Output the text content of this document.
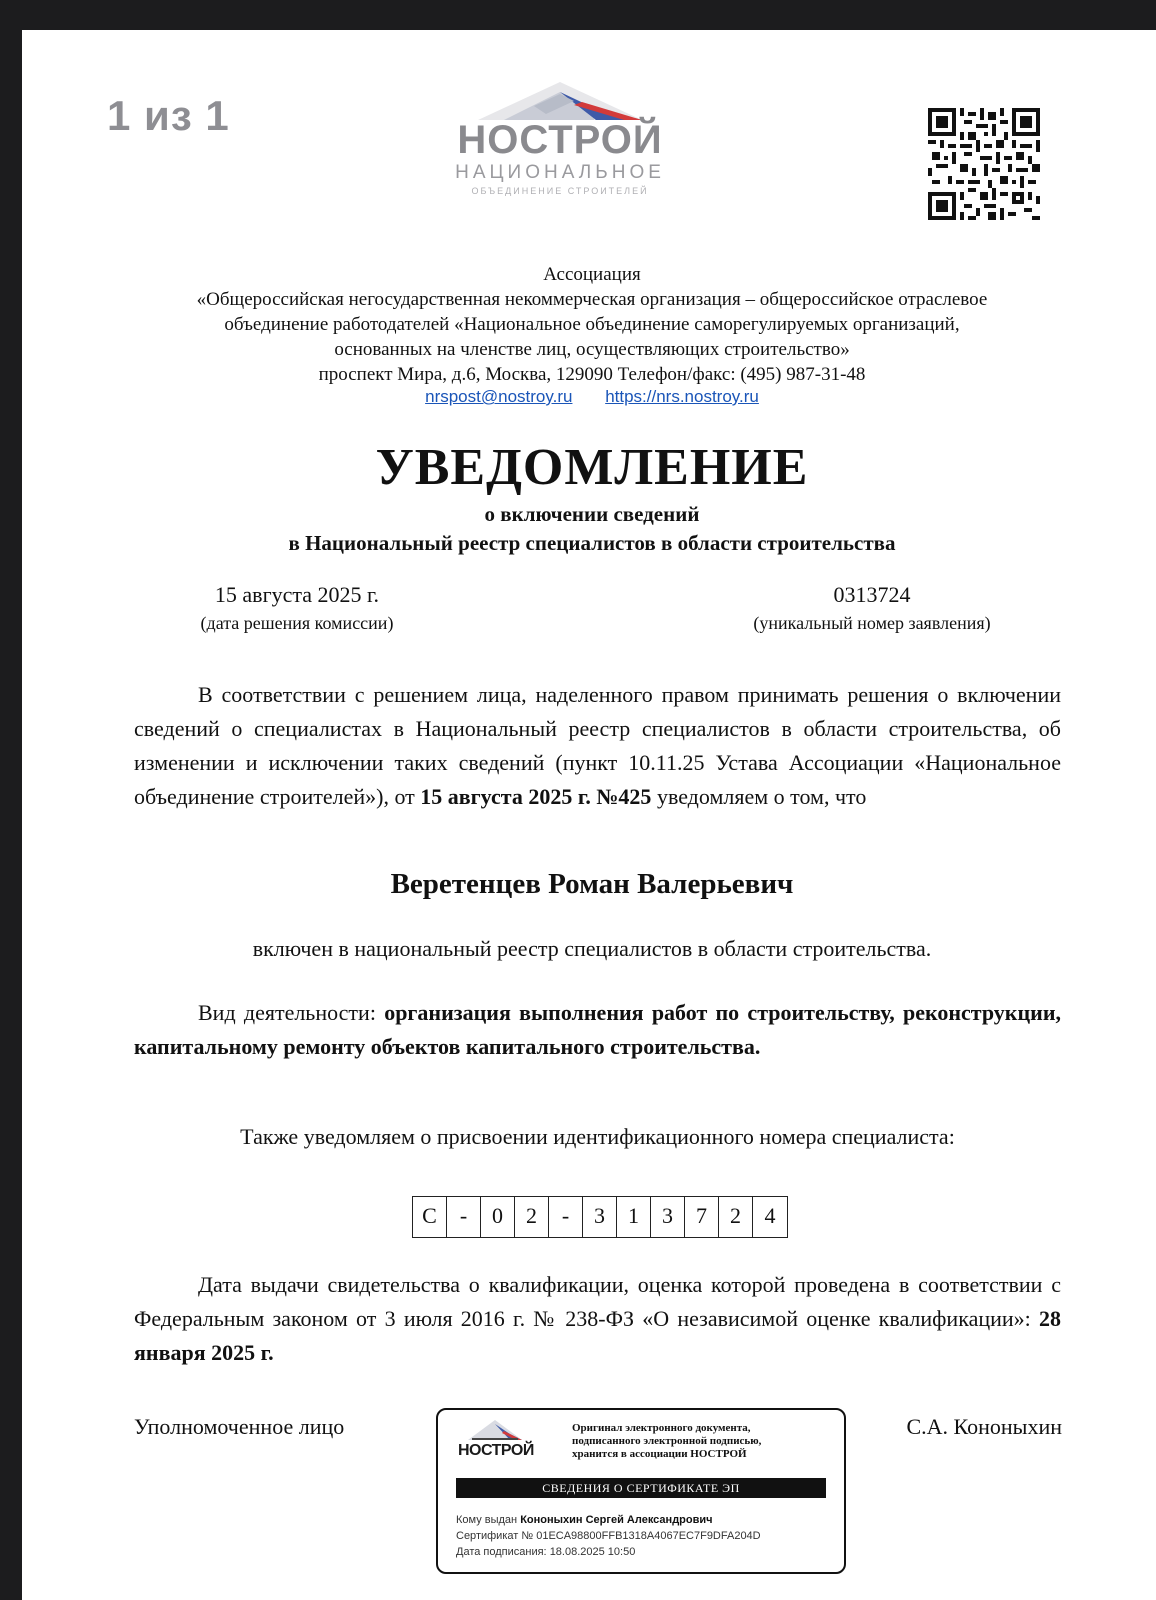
1 из 1
НОСТРОЙ
НАЦИОНАЛЬНОЕ
ОБЪЕДИНЕНИЕ СТРОИТЕЛЕЙ
Ассоциация
«Общероссийская негосударственная некоммерческая организация – общероссийское отраслевое
объединение работодателей «Национальное объединение саморегулируемых организаций,
основанных на членстве лиц, осуществляющих строительство»
проспект Мира, д.6, Москва, 129090 Телефон/факс: (495) 987-31-48
nrspost@nostroy.ru https://nrs.nostroy.ru
УВЕДОМЛЕНИЕ
о включении сведений
в Национальный реестр специалистов в области строительства
15 августа 2025 г.
(дата решения комиссии)
0313724
(уникальный номер заявления)
В соответствии с решением лица, наделенного правом принимать решения о включении сведений о специалистах в Национальный реестр специалистов в области строительства, об изменении и исключении таких сведений (пункт 10.11.25 Устава Ассоциации «Национальное объединение строителей»), от 15 августа 2025 г. №425 уведомляем о том, что
Веретенцев Роман Валерьевич
включен в национальный реестр специалистов в области строительства.
Вид деятельности: организация выполнения работ по строительству, реконструкции, капитальному ремонту объектов капитального строительства.
Также уведомляем о присвоении идентификационного номера специалиста:
С	-	0	2	-	3	1	3	7	2	4
Дата выдачи свидетельства о квалификации, оценка которой проведена в соответствии с Федеральным законом от 3 июля 2016 г. № 238-ФЗ «О независимой оценке квалификации»: 28 января 2025 г.
Уполномоченное лицо	С.А. Кононыхин
НОСТРОЙ
Оригинал электронного документа,
подписанного электронной подписью,
хранится в ассоциации НОСТРОЙ
СВЕДЕНИЯ О СЕРТИФИКАТЕ ЭП
Кому выдан Кононыхин Сергей Александрович
Сертификат № 01ECA98800FFB1318A4067EC7F9DFA204D
Дата подписания: 18.08.2025 10:50
